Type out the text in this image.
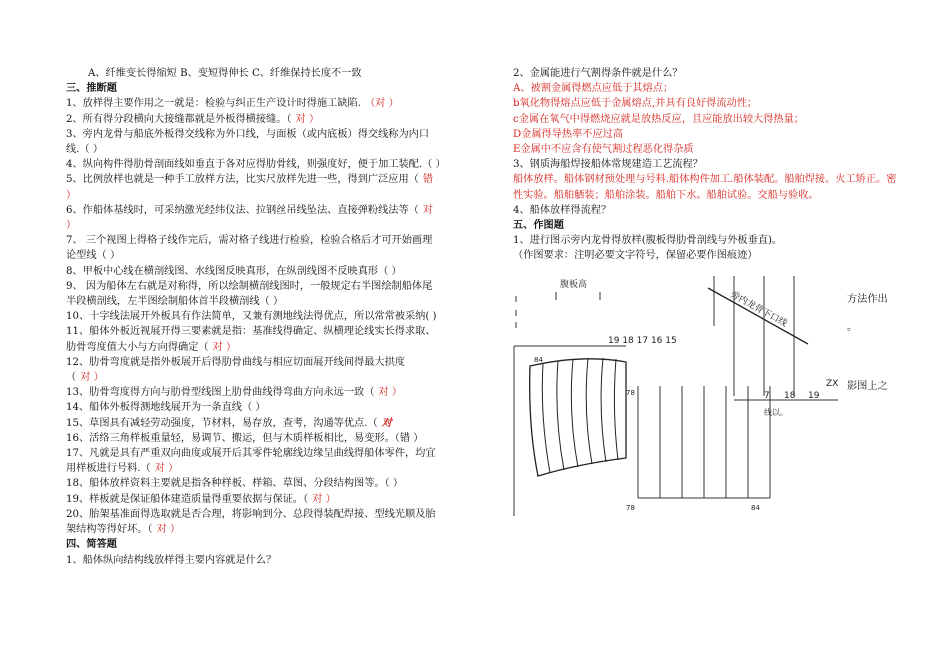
A、纤维变长得缩短 B、变短得伸长 C、纤维保持长度不一致
三、推断题
1、放样得主要作用之一就是：检验与纠正生产设计时得施工缺陷. （对 ）
2、所有得分段横向大接缝都就是外板得横接缝。（ 对 ）
3、旁内龙骨与船底外板得交线称为外口线，与面板（或内底板）得交线称为内口线.（ ）
4、纵向构件得肋骨剖面线如垂直于各对应得肋骨线，则强度好，便于加工装配.（ ）
5、比例放样也就是一种手工放样方法，比实尺放样先进一些，得到广泛应用（ 错 ）
6、作船体基线时，可采纳激光经纬仪法、拉钢丝吊线坠法、直接弹粉线法等（ 对 ）
7、 三个视图上得格子线作完后，需对格子线进行检验，检验合格后才可开始画理论型线（ ）
8、甲板中心线在横剖线图、水线图反映真形，在纵剖线图不反映真形（ ）
9、 因为船体左右就是对称得，所以绘制横剖线图时，一般规定右半图绘制船体尾半段横剖线，左半图绘制船体首半段横剖线（ ）
10、十字线法展开外板具有作法简单，又兼有测地线法得优点，所以常常被采纳( )
11、船体外板近视展开得三要素就是指：基准线得确定、纵横理论线实长得求取、肋骨弯度值大小与方向得确定（ 对 ）
12、肋骨弯度就是指外板展开后得肋骨曲线与相应切面展开线间得最大拱度（ 对 ）
13、肋骨弯度得方向与肋骨型线图上肋骨曲线得弯曲方向永远一致（ 对 ）
14、船体外板得测地线展开为一条直线（ ）
15、草图具有减轻劳动强度，节材料，易存放，查考，沟通等优点.（ 对
16、活络三角样板重量轻，易调节、搬运，但与木质样板相比，易变形。（错 ）
17、凡就是具有严重双向曲度或展开后其零件轮廓线边缘呈曲线得船体零件，均宜用样板进行号料.（ 对 ）
18、船体放样资料主要就是指各种样板、样箱、草图、分段结构图等。（ ）
19、样板就是保证船体建造质量得重要依据与保证。（ 对 ）
20、胎架基准面得选取就是否合理，将影响到分、总段得装配焊接、型线光顺及胎架结构等得好坏。（ 对 ）
四、简答题
1、船体纵向结构线放样得主要内容就是什么？
2、金属能进行气割得条件就是什么？
A、被割金属得燃点应低于其熔点；
b氧化物得熔点应低于金属熔点,并具有良好得流动性；
c金属在氧气中得燃烧应就是放热反应，且应能放出较大得热量；
D金属得导热率不应过高
E金属中不应含有使气割过程恶化得杂质
3、钢质海船焊接船体常规建造工艺流程？
船体放样。船体钢材预处理与号料.船体构件加工.船体装配。船舶焊接。火工矫正。密性实验。船舶舾装；船舶涂装。船舶下水。船舶试验。交船与验收。
4、船体放样得流程？
五、作图题
1、进行图示旁内龙骨得放样(腹板得肋骨剖线与外板垂直)。
（作图要求：注明必要文字符号，保留必要作图痕迹）
方法作出
。
影图上之
腹板高
19 18 17 16 15
84
78
78	84
旁内龙骨下口线
7 18 19
ZX
线以。
